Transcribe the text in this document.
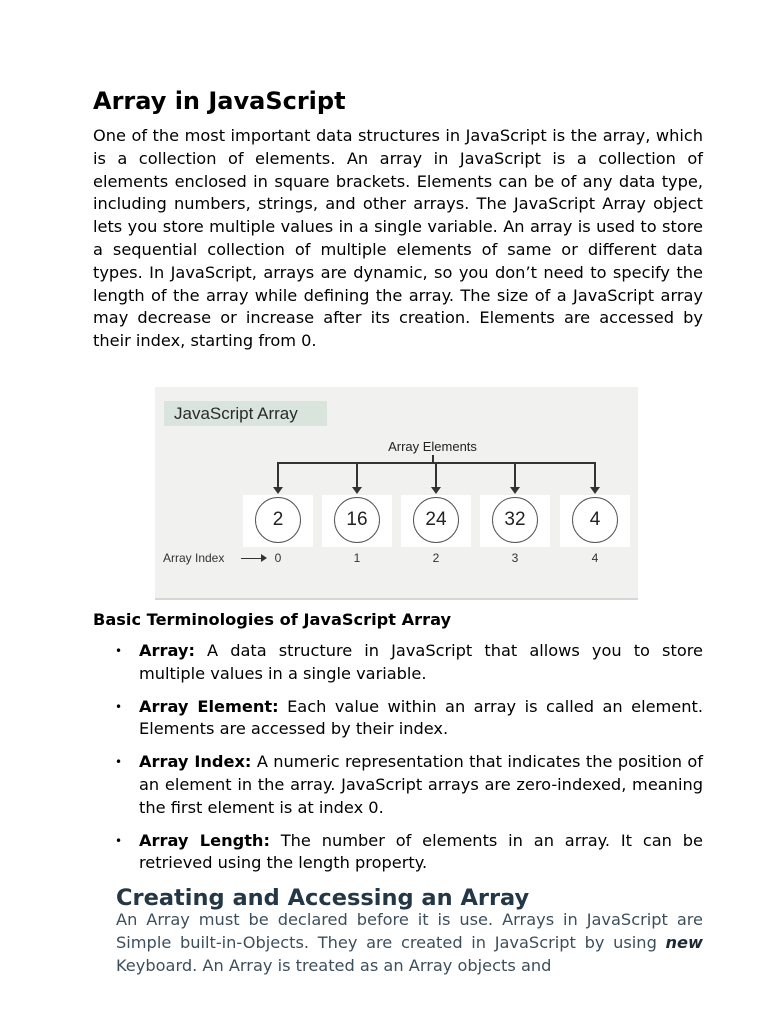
Array in JavaScript

One of the most important data structures in JavaScript is the array, which is a collection of elements. An array in JavaScript is a collection of elements enclosed in square brackets. Elements can be of any data type, including numbers, strings, and other arrays. The JavaScript Array object lets you store multiple values in a single variable. An array is used to store a sequential collection of multiple elements of same or different data types. In JavaScript, arrays are dynamic, so you don’t need to specify the length of the array while defining the array. The size of a JavaScript array may decrease or increase after its creation. Elements are accessed by their index, starting from 0.

JavaScript Array
Array Elements
2	16	24	32	4
Array Index	0	1	2	3	4
Basic Terminologies of JavaScript Array
• Array: A data structure in JavaScript that allows you to store multiple values in a single variable.
• Array Element: Each value within an array is called an element. Elements are accessed by their index.
• Array Index: A numeric representation that indicates the position of an element in the array. JavaScript arrays are zero-indexed, meaning the first element is at index 0.
• Array Length: The number of elements in an array. It can be retrieved using the length property.
Creating and Accessing an Array

An Array must be declared before it is use. Arrays in JavaScript are Simple built-in-Objects. They are created in JavaScript by using new Keyboard. An Array is treated as an Array objects and
